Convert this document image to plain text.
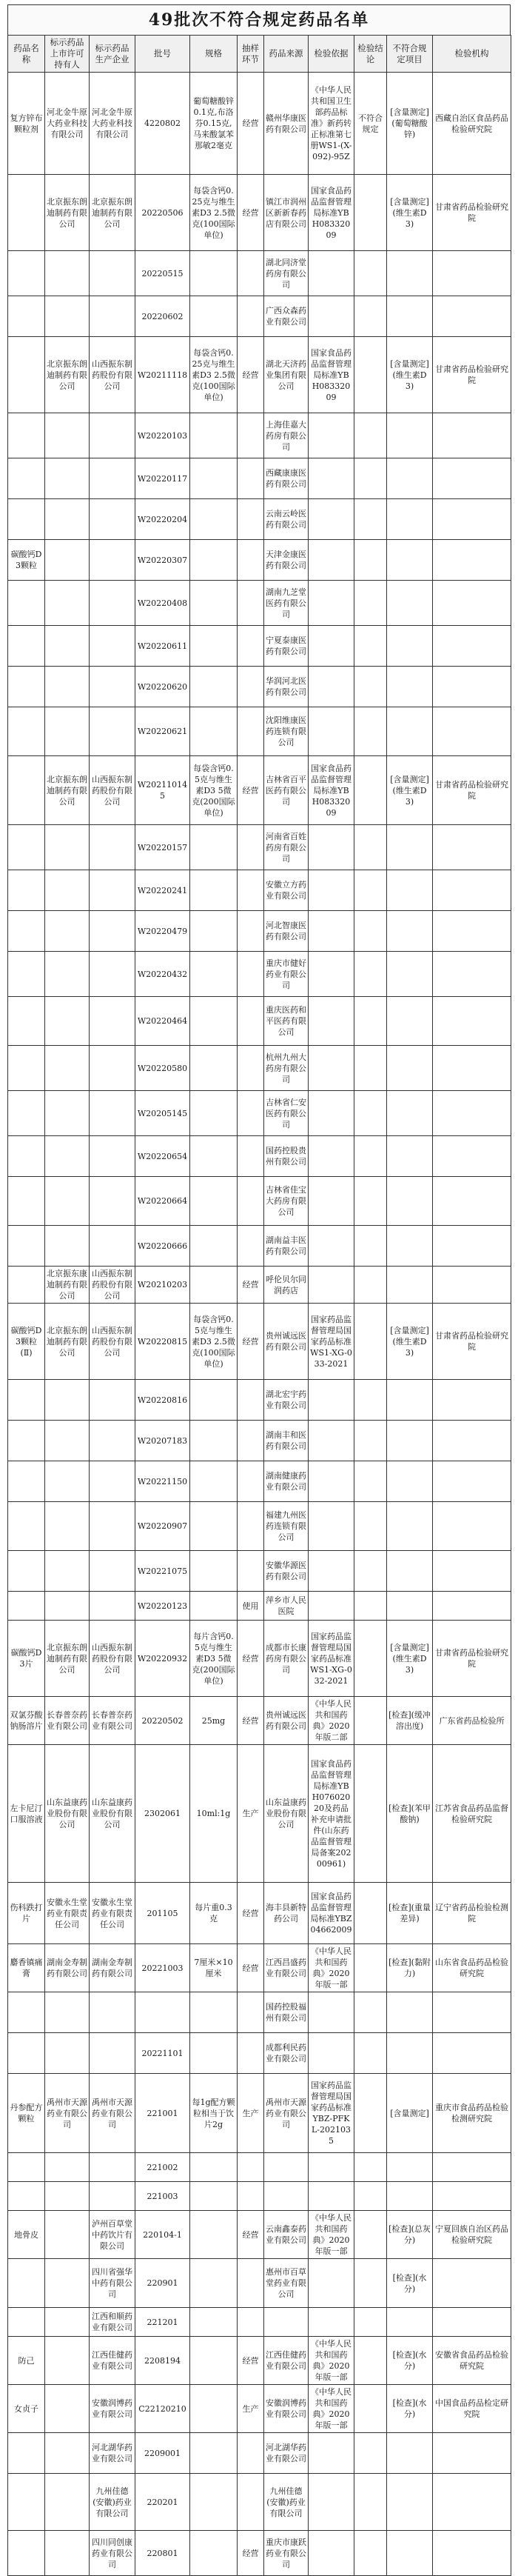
49批次不符合规定药品名单
药品名称	标示药品上市许可持有人	标示药品生产企业	批号	规格	抽样环节	药品来源	检验依据	检验结论	不符合规定项目	检验机构
复方锌布颗粒剂	河北金牛原大药业科技有限公司	河北金牛原大药业科技有限公司	4220802	葡萄糖酸锌0.1克,布洛芬0.15克,马来酸氯苯那敏2毫克	经营	赣州华康医药有限公司	《中华人民共和国卫生部药品标准》新药转正标准第七册WS1-(X-092)-95Z	不符合规定	[含量测定](葡萄糖酸锌)	西藏自治区食品药品检验研究院
	北京振东朗迪制药有限公司	北京振东朗迪制药有限公司	20220506	每袋含钙0.25克与维生素D3 2.5微克(100国际单位)	经营	镇江市润州区新新春药店有限公司	国家食品药品监督管理局标准YBH08332009		[含量测定](维生素D3)	甘肃省药品检验研究院
			20220515			湖北同济堂药房有限公司				
			20220602			广西众森药业有限公司				
	北京振东朗迪制药有限公司	山西振东制药股份有限公司	W20211118	每袋含钙0.25克与维生素D3 2.5微克(100国际单位)	经营	湖北天济药业集团有限公司	国家食品药品监督管理局标准YBH08332009		[含量测定](维生素D3)	甘肃省药品检验研究院
			W20220103			上海佳嘉大药房有限公司				
			W20220117			西藏康康医药有限公司				
			W20220204			云南云岭医药有限公司				
碳酸钙D3颗粒			W20220307			天津金康医药有限公司				
			W20220408			湖南九芝堂医药有限公司				
			W20220611			宁夏泰康医药有限公司				
			W20220620			华润河北医药有限公司				
			W20220621			沈阳维康医药连锁有限公司				
	北京振东朗迪制药有限公司	山西振东制药股份有限公司	W202110145	每袋含钙0.5克与维生素D3 5微克(200国际单位)	经营	吉林省百平医药有限公司	国家食品药品监督管理局标准YBH08332009		[含量测定](维生素D3)	甘肃省药品检验研究院
			W20220157			河南省百姓药房有限公司				
			W20220241			安徽立方药业有限公司				
			W20220479			河北智康医药有限公司				
			W20220432			重庆市健好药业有限公司				
			W20220464			重庆医药和平医药有限公司				
			W20220580			杭州九州大药房有限公司				
			W20205145			吉林省仁安医药有限公司				
			W20220654			国药控股贵州有限公司				
			W20220664			吉林省佳宝大药房有限公司				
			W20220666			湖南益丰医药有限公司				
	北京振东康迪制药有限公司	山西振东制药股份有限公司	W20210203		经营	呼伦贝尔同润药店				
碳酸钙D3颗粒(Ⅱ)	北京振东朗迪制药有限公司	山西振东制药股份有限公司	W20220815	每袋含钙0.5克与维生素D3 2.5微克(100国际单位)	经营	贵州诚远医药有限公司	国家药品监督管理局国家药品标准WS1-XG-033-2021		[含量测定](维生素D3)	甘肃省药品检验研究院
			W20220816			湖北宏宇药业有限公司				
			W20207183			湖南丰和医药有限公司				
			W20221150			湖南健康药业有限公司				
			W20220907			福建九州医药连锁有限公司				
			W20221075			安徽华源医药有限公司				
			W20220123		使用	萍乡市人民医院				
碳酸钙D3片	北京振东朗迪制药有限公司	山西振东制药股份有限公司	W20220932	每片含钙0.5克与维生素D3 5微克(200国际单位)	经营	成都市长康药房有限公司	国家药品监督管理局国家药品标准WS1-XG-032-2021		[含量测定](维生素D3)	甘肃省药品检验研究院
双氯芬酸钠肠溶片	长春普奈药业有限公司	长春普奈药业有限公司	20220502	25mg	经营	贵州诚远医药有限公司	《中华人民共和国药典》2020年版二部		[检查](缓冲溶出度)	广东省药品检验所
左卡尼汀口服溶液	山东益康药业股份有限公司	山东益康药业股份有限公司	2302061	10ml:1g	生产	山东益康药业股份有限公司	国家食品药品监督管理局标准YBH07602020及药品补充申请批件(山东药品监督管理局备案20200961)		[检查](苯甲酸钠)	江苏省食品药品监督检验研究院
伤科跌打片	安徽永生堂药业有限责任公司	安徽永生堂药业有限责任公司	201105	每片重0.3克	经营	海丰县新特药公司	国家食品药品监督管理局标准YBZ04662009		[检查](重量差异)	辽宁省药品检验检测院
麝香镇痛膏	湖南金寿制药有限公司	湖南金寿制药有限公司	20221003	7厘米×10厘米	经营	江西昌盛药业有限公司	《中华人民共和国药典》2020年版一部		[检查](黏附力)	山东省食品药品检验研究院
						国药控股福州有限公司				
			20221101			成都利民药业有限公司				
丹参配方颗粒	禹州市天源药业有限公司	禹州市天源药业有限公司	221001	每1g配方颗粒相当于饮片2g	生产	禹州市天源药业有限公司	国家药品监督管理局国家药品标准YBZ-PFKL-2021035		[含量测定]	重庆市食品药品检验检测研究院
			221002							
			221003							
地骨皮		泸州百草堂中药饮片有限公司	220104-1		经营	云南鑫泰药业有限公司	《中华人民共和国药典》2020年版一部		[检查](总灰分)	宁夏回族自治区药品检验研究院
		四川省强华中药有限公司	220901			惠州市百草堂药业有限公司			[检查](水分)	
		江西和顺药业有限公司	221201							
防己		江西佳健药业有限公司	2208194		经营	江西佳健药业有限公司	《中华人民共和国药典》2020年版一部		[检查](水分)	安徽省食品药品检验研究院
女贞子		安徽润博药业有限公司	C22120210		生产	安徽润博药业有限公司	《中华人民共和国药典》2020年版一部		[检查](水分)	中国食品药品检定研究院
		河北湖华药业有限公司	2209001			河北湖华药业有限公司				
		九州佳德(安徽)药业有限公司	220201			九州佳德(安徽)药业有限公司				
		四川同创康药业有限公司	220801		经营	重庆市康跃药业有限公司				
